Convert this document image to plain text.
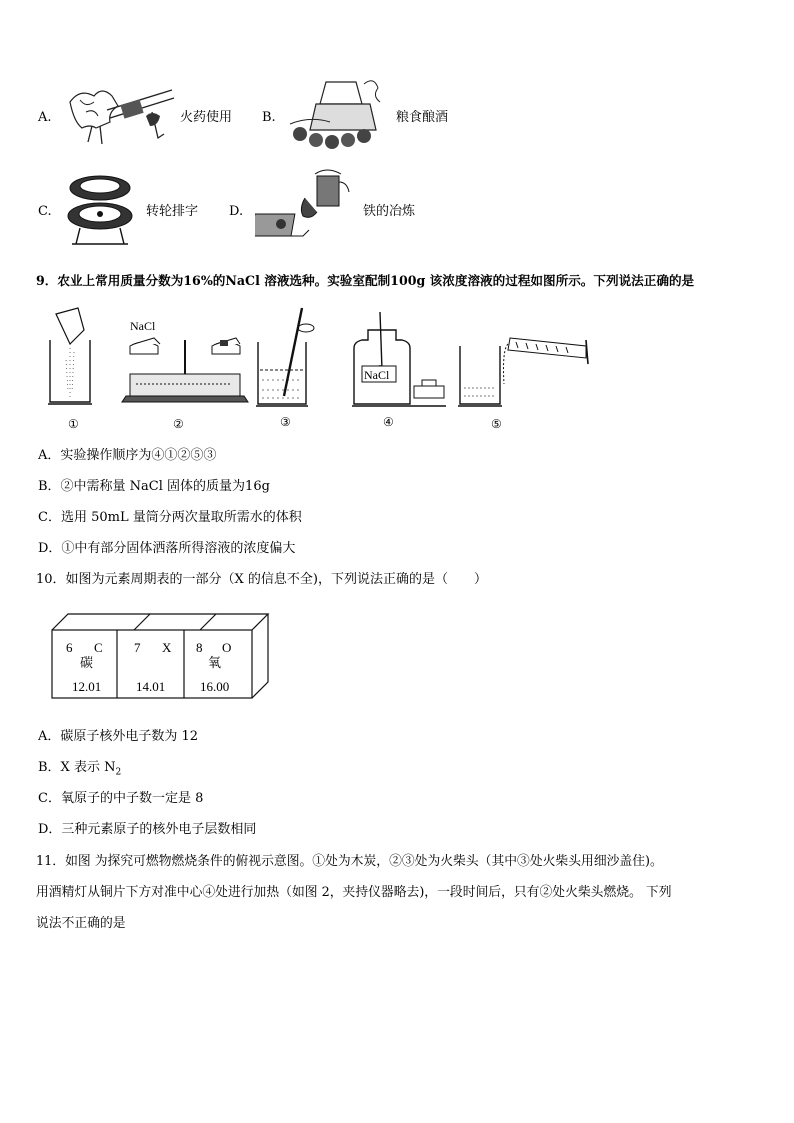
A.	火药使用 B.	粮食酿酒
C.	转轮排字 D.	铁的冶炼
9．农业上常用质量分数为16%的NaCl 溶液选种。实验室配制100g 该浓度溶液的过程如图所示。下列说法正确的是
NaCl
NaCl
①	②	③	④	⑤
A．实验操作顺序为④①②⑤③
B．②中需称量 NaCl 固体的质量为16g
C．选用 50mL 量筒分两次量取所需水的体积
D．①中有部分固体洒落所得溶液的浓度偏大
10．如图为元素周期表的一部分（X 的信息不全)，下列说法正确的是（　　）
6 C
碳
12.01
7 X
14.01
8 O
氧
16.00
A．碳原子核外电子数为 12
B．X 表示 $N_2$
C．氧原子的中子数一定是 8
D．三种元素原子的核外电子层数相同
11．如图 为探究可燃物燃烧条件的俯视示意图。①处为木炭，②③处为火柴头（其中③处火柴头用细沙盖住)。
用酒精灯从铜片下方对准中心④处进行加热（如图 2，夹持仪器略去)，一段时间后，只有②处火柴头燃烧。 下列
说法不正确的是
